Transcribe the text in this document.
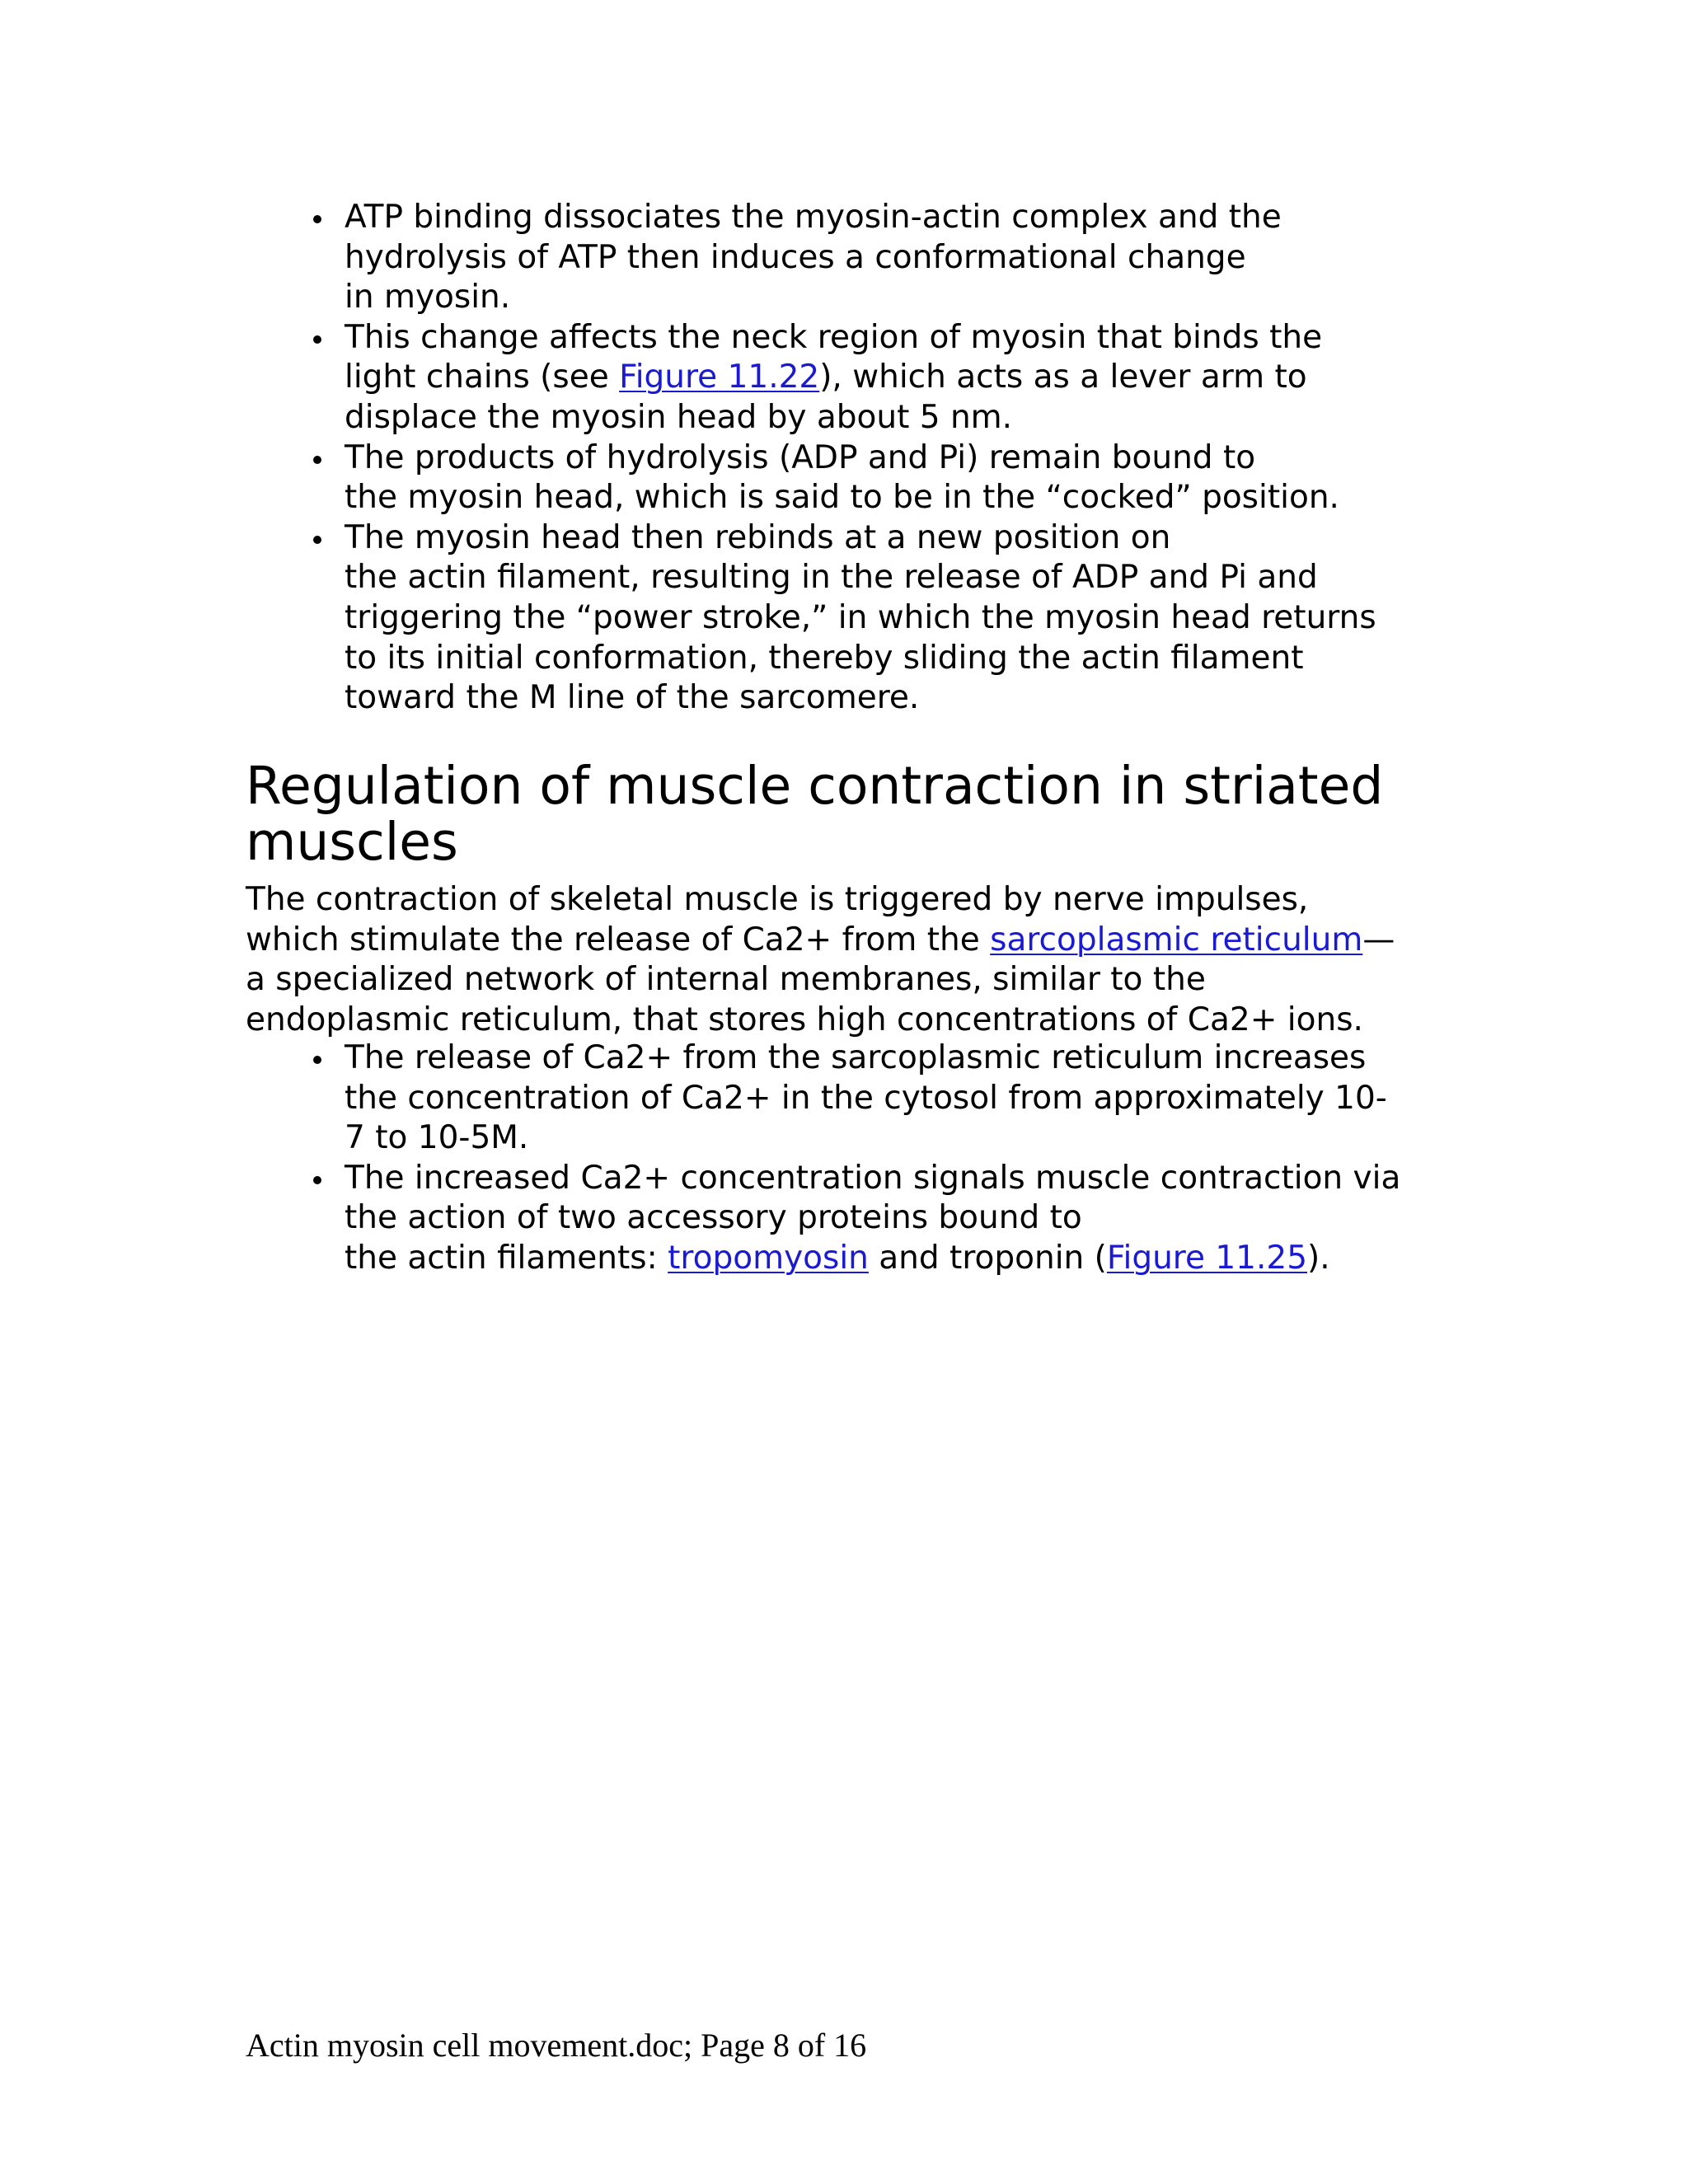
ATP binding dissociates the myosin-actin complex and the
hydrolysis of ATP then induces a conformational change
in myosin.
This change affects the neck region of myosin that binds the
light chains (see Figure 11.22), which acts as a lever arm to
displace the myosin head by about 5 nm.
The products of hydrolysis (ADP and Pi) remain bound to
the myosin head, which is said to be in the “cocked” position.
The myosin head then rebinds at a new position on
the actin filament, resulting in the release of ADP and Pi and
triggering the “power stroke,” in which the myosin head returns
to its initial conformation, thereby sliding the actin filament
toward the M line of the sarcomere.
Regulation of muscle contraction in striated
muscles

The contraction of skeletal muscle is triggered by nerve impulses,
which stimulate the release of Ca2+ from the sarcoplasmic reticulum—
a specialized network of internal membranes, similar to the
endoplasmic reticulum, that stores high concentrations of Ca2+ ions.

The release of Ca2+ from the sarcoplasmic reticulum increases
the concentration of Ca2+ in the cytosol from approximately 10-
7 to 10-5M.
The increased Ca2+ concentration signals muscle contraction via
the action of two accessory proteins bound to
the actin filaments: tropomyosin and troponin (Figure 11.25).
Actin myosin cell movement.doc; Page 8 of 16
